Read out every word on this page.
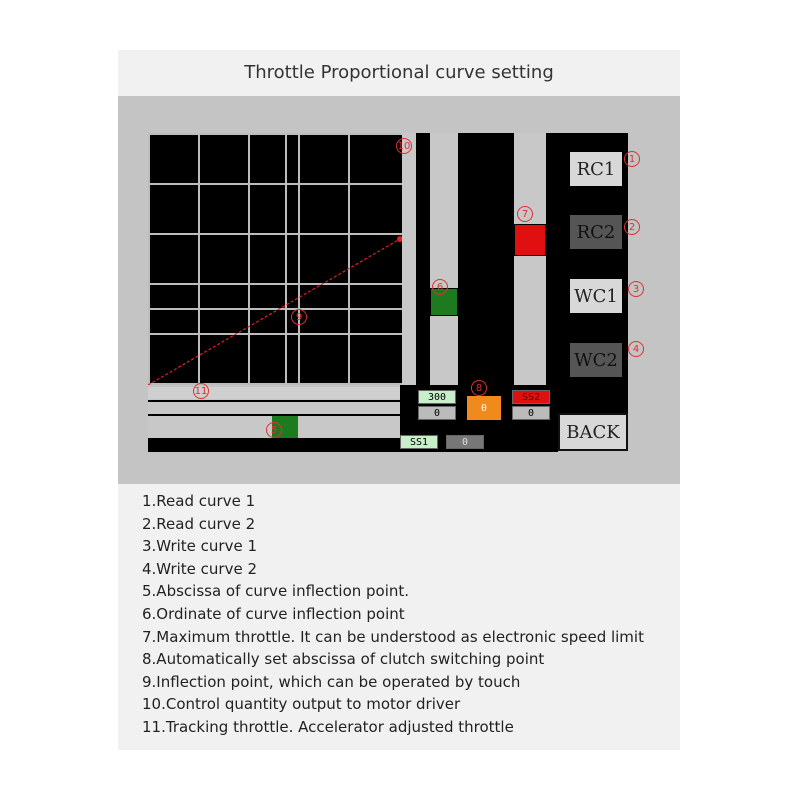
Throttle Proportional curve setting
RC1
RC2
WC1
WC2
300
0	0
SS2
0
SS1	0	BACK
1
2
3
4
5
6
7
8
9
10
11
1.Read curve 1
2.Read curve 2
3.Write curve 1
4.Write curve 2
5.Abscissa of curve inflection point.
6.Ordinate of curve inflection point
7.Maximum throttle. It can be understood as electronic speed limit
8.Automatically set abscissa of clutch switching point
9.Inflection point, which can be operated by touch
10.Control quantity output to motor driver
11.Tracking throttle. Accelerator adjusted throttle
